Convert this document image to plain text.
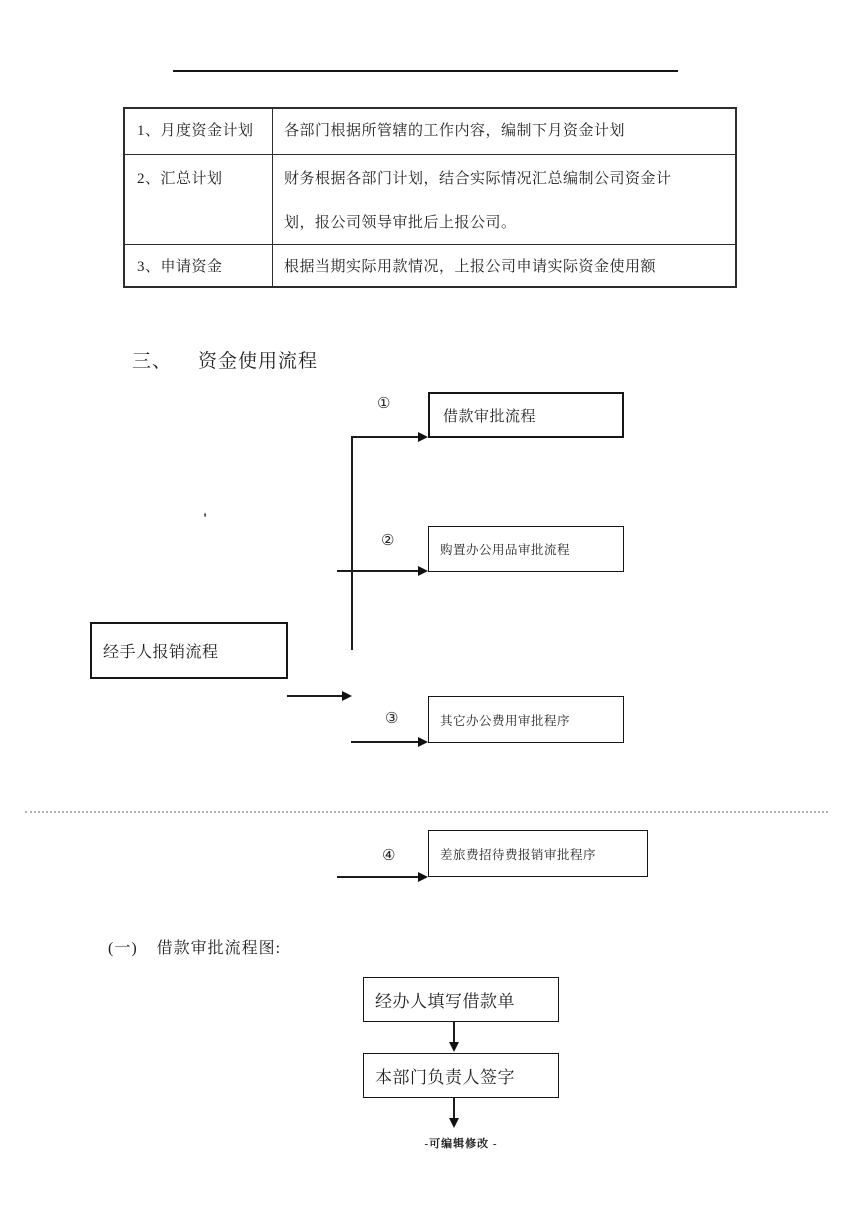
1、月度资金计划	各部门根据所管辖的工作内容，编制下月资金计划
2、汇总计划	财务根据各部门计划，结合实际情况汇总编制公司资金计
划，报公司领导审批后上报公司。
3、申请资金	根据当期实际用款情况，上报公司申请实际资金使用额
三、 资金使用流程
'
①
②
③
④
借款审批流程
购置办公用品审批流程
其它办公费用审批程序
差旅费招待费报销审批程序
经手人报销流程
(一) 借款审批流程图:
经办人填写借款单
本部门负责人签字
-可编辑修改 -
